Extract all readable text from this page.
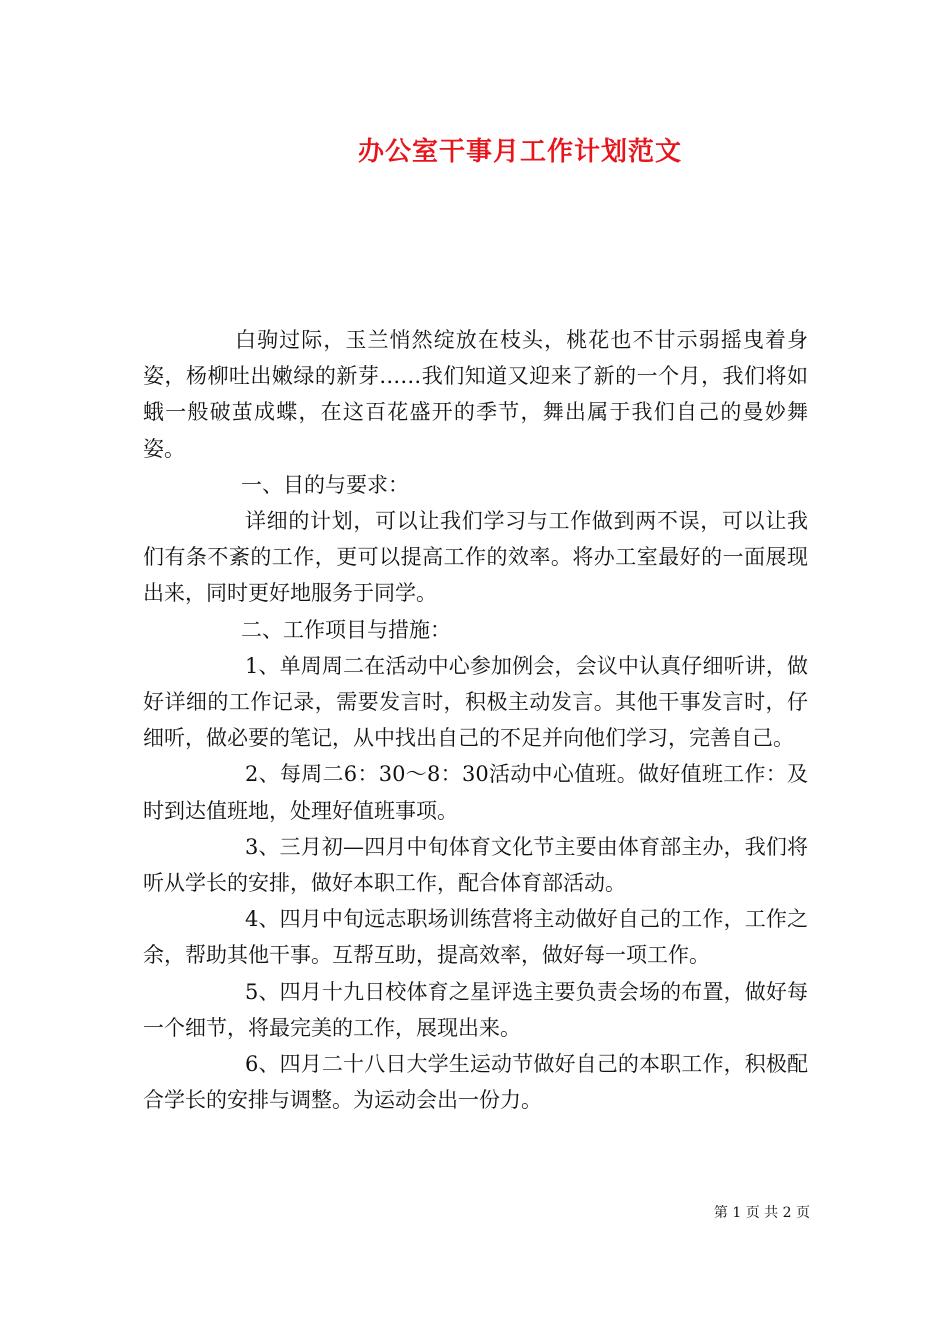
办公室干事月工作计划范文

白驹过际，玉兰悄然绽放在枝头，桃花也不甘示弱摇曳着身姿，杨柳吐出嫩绿的新芽……我们知道又迎来了新的一个月，我们将如蛾一般破茧成蝶，在这百花盛开的季节，舞出属于我们自己的曼妙舞姿。

一、目的与要求：

详细的计划，可以让我们学习与工作做到两不误，可以让我们有条不紊的工作，更可以提高工作的效率。将办工室最好的一面展现出来，同时更好地服务于同学。

二、工作项目与措施：

1、单周周二在活动中心参加例会，会议中认真仔细听讲，做好详细的工作记录，需要发言时，积极主动发言。其他干事发言时，仔细听，做必要的笔记，从中找出自己的不足并向他们学习，完善自己。

2、每周二6：30～8：30活动中心值班。做好值班工作：及时到达值班地，处理好值班事项。

3、三月初—四月中旬体育文化节主要由体育部主办，我们将听从学长的安排，做好本职工作，配合体育部活动。

4、四月中旬远志职场训练营将主动做好自己的工作，工作之余，帮助其他干事。互帮互助，提高效率，做好每一项工作。

5、四月十九日校体育之星评选主要负责会场的布置，做好每一个细节，将最完美的工作，展现出来。

6、四月二十八日大学生运动节做好自己的本职工作，积极配合学长的安排与调整。为运动会出一份力。

第 1 页 共 2 页
